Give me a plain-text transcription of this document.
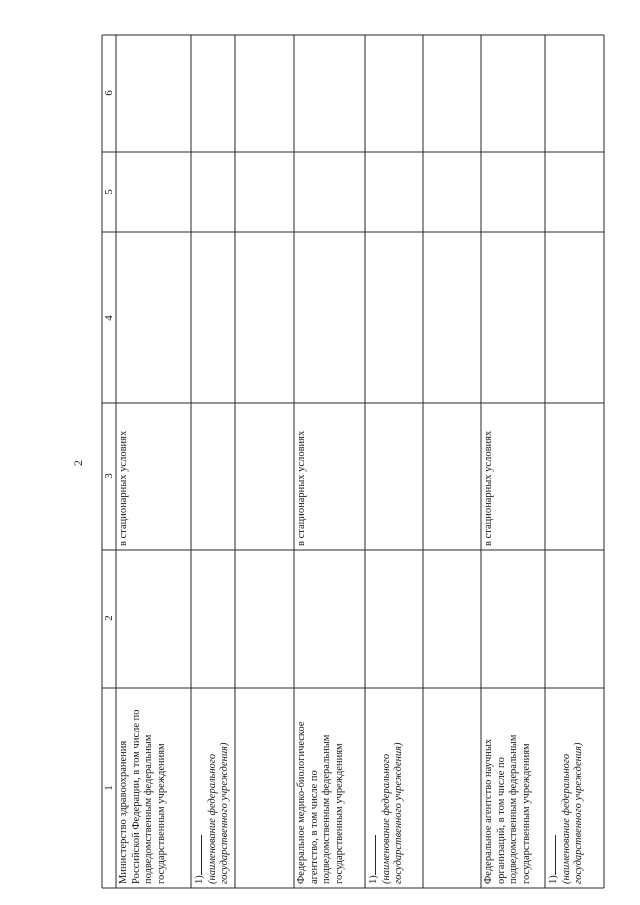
2
1
2
3
4
5
6
Министерство здравоохранения Российской Федерации, в том числе по подведомственным федеральным государственным учреждениям
в стационарных условиях
1) (наименование федерального государственного учреждения)	Федеральное медико-биологическое агентство, в том числе по подведомственным федеральным государственным учреждениям
в стационарных условиях
1) (наименование федерального государственного учреждения)	Федеральное агентство научных организаций, в том числе по подведомственным федеральным государственным учреждениям
в стационарных условиях
1) (наименование федерального государственного учреждения)
